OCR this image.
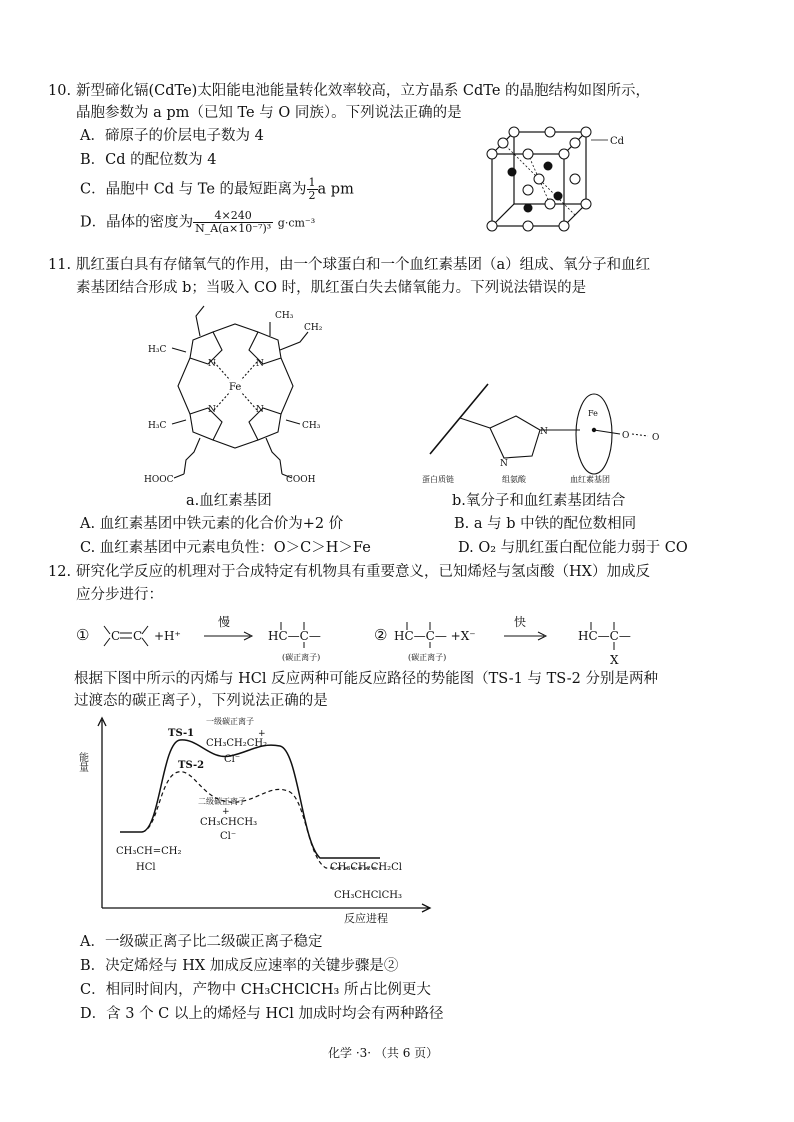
10. 新型碲化镉(CdTe)太阳能电池能量转化效率较高，立方晶系 CdTe 的晶胞结构如图所示，
晶胞参数为 a pm（已知 Te 与 O 同族）。下列说法正确的是
A．碲原子的价层电子数为 4
B．Cd 的配位数为 4
C．晶胞中 Cd 与 Te 的最短距离为 $\frac{1}{2}$ a pm
D．晶体的密度为 $\frac{4\times 240}{\text{N\_A(a×10⁻⁷)³}} g\cdot cm^{-3}$
Cd
11. 肌红蛋白具有存储氧气的作用，由一个球蛋白和一个血红素基团（a）组成、氧分子和血红
素基团结合形成 b；当吸入 CO 时，肌红蛋白失去储氧能力。下列说法错误的是
CH₃
CH₂
H₃C
H₃C	CH₃
N	N
N	N
Fe
HOOC	COOH
N
N
Fe
O	O
蛋白质链	组氨酸	血红素基团
a.血红素基团	b.氧分子和血红素基团结合
A. 血红素基团中铁元素的化合价为+2 价	B. a 与 b 中铁的配位数相同
C. 血红素基团中元素电负性：O＞C＞H＞Fe	D. O₂ 与肌红蛋白配位能力弱于 CO
12. 研究化学反应的机理对于合成特定有机物具有重要意义，已知烯烃与氢卤酸（HX）加成反
应分步进行：
① C C +H⁺
慢
HC—C—
(碳正离子)
② HC—C— +X⁻
(碳正离子)
快
HC—C—
X
根据下图中所示的丙烯与 HCl 反应两种可能反应路径的势能图（TS-1 与 TS-2 分别是两种
过渡态的碳正离子），下列说法正确的是
能量
反应进程
TS-1
TS-2
一级碳正离子
+
CH₃CH₂CH₂
Cl⁻
二级碳正离子
+
CH₃CHCH₃
Cl⁻
CH₃CH=CH₂
HCl	CH₃CH₂CH₂Cl
CH₃CHClCH₃
A．一级碳正离子比二级碳正离子稳定
B．决定烯烃与 HX 加成反应速率的关键步骤是②
C．相同时间内，产物中 CH₃CHClCH₃ 所占比例更大
D．含 3 个 C 以上的烯烃与 HCl 加成时均会有两种路径
化学 ·3· （共 6 页）
